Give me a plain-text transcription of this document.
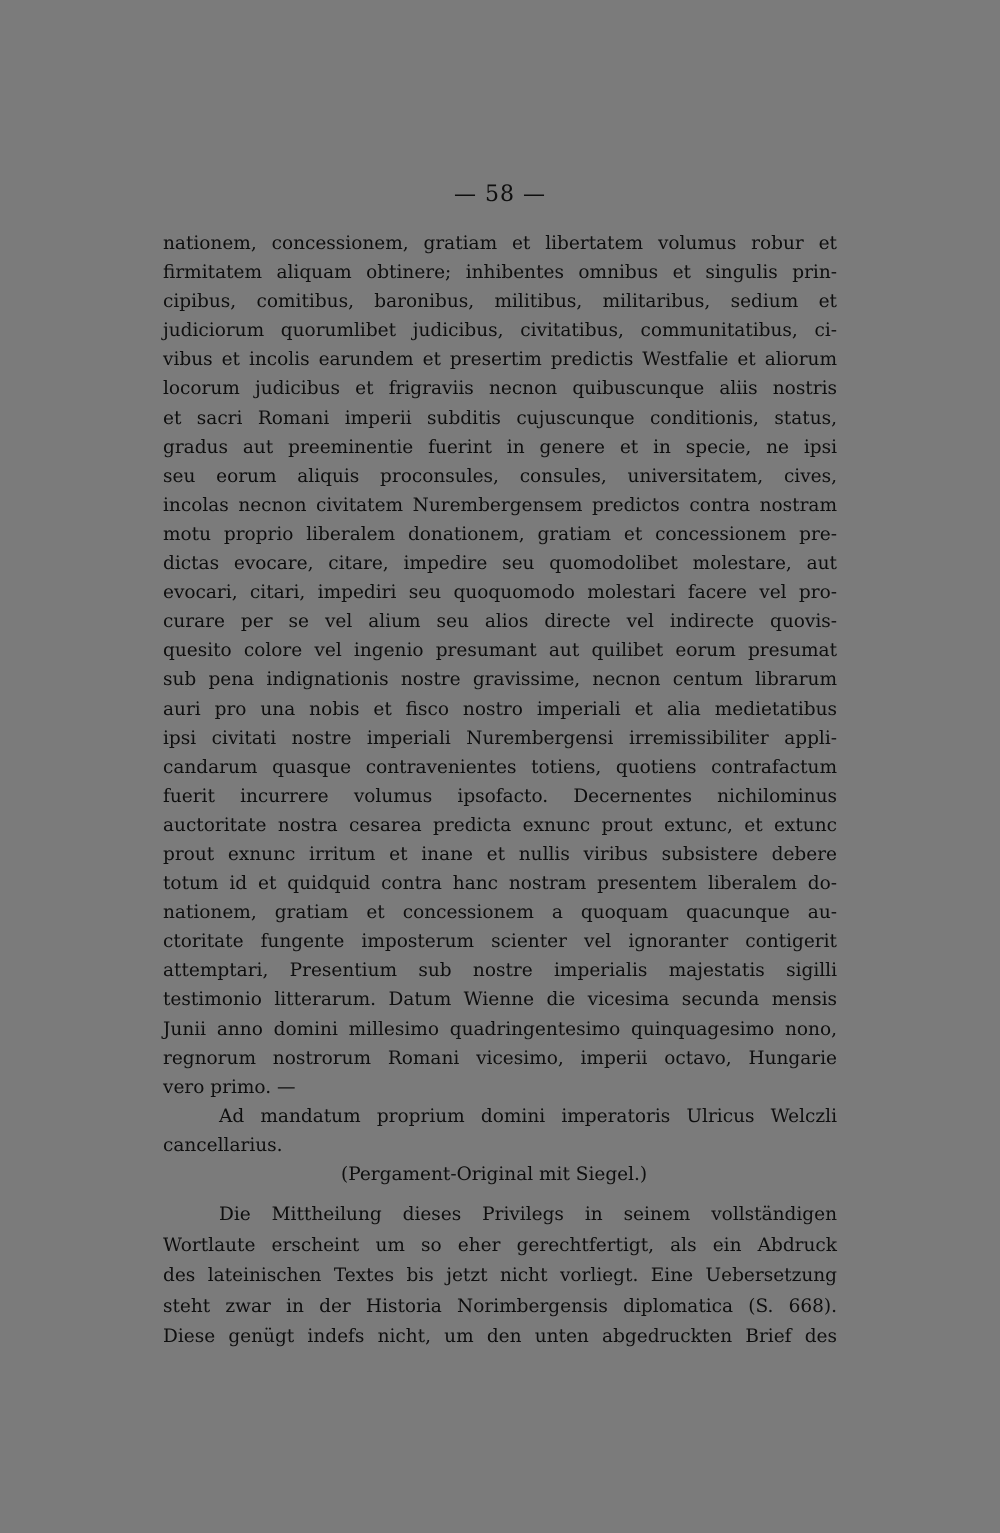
— 58 —
nationem, concessionem, gratiam et libertatem volumus robur et
firmitatem aliquam obtinere; inhibentes omnibus et singulis prin-
cipibus, comitibus, baronibus, militibus, militaribus, sedium et
judiciorum quorumlibet judicibus, civitatibus, communitatibus, ci-
vibus et incolis earundem et presertim predictis Westfalie et aliorum
locorum judicibus et frigraviis necnon quibuscunque aliis nostris
et sacri Romani imperii subditis cujuscunque conditionis, status,
gradus aut preeminentie fuerint in genere et in specie, ne ipsi
seu eorum aliquis proconsules, consules, universitatem, cives,
incolas necnon civitatem Nurembergensem predictos contra nostram
motu proprio liberalem donationem, gratiam et concessionem pre-
dictas evocare, citare, impedire seu quomodolibet molestare, aut
evocari, citari, impediri seu quoquomodo molestari facere vel pro-
curare per se vel alium seu alios directe vel indirecte quovis-
quesito colore vel ingenio presumant aut quilibet eorum presumat
sub pena indignationis nostre gravissime, necnon centum librarum
auri pro una nobis et fisco nostro imperiali et alia medietatibus
ipsi civitati nostre imperiali Nurembergensi irremissibiliter appli-
candarum quasque contravenientes totiens, quotiens contrafactum
fuerit incurrere volumus ipsofacto. Decernentes nichilominus
auctoritate nostra cesarea predicta exnunc prout extunc, et extunc
prout exnunc irritum et inane et nullis viribus subsistere debere
totum id et quidquid contra hanc nostram presentem liberalem do-
nationem, gratiam et concessionem a quoquam quacunque au-
ctoritate fungente imposterum scienter vel ignoranter contigerit
attemptari, Presentium sub nostre imperialis majestatis sigilli
testimonio litterarum. Datum Wienne die vicesima secunda mensis
Junii anno domini millesimo quadringentesimo quinquagesimo nono,
regnorum nostrorum Romani vicesimo, imperii octavo, Hungarie
vero primo. —
Ad mandatum proprium domini imperatoris Ulricus Welczli
cancellarius.
(Pergament-Original mit Siegel.)
Die Mittheilung dieses Privilegs in seinem vollständigen
Wortlaute erscheint um so eher gerechtfertigt, als ein Abdruck
des lateinischen Textes bis jetzt nicht vorliegt. Eine Uebersetzung
steht zwar in der Historia Norimbergensis diplomatica (S. 668).
Diese genügt indefs nicht, um den unten abgedruckten Brief des
